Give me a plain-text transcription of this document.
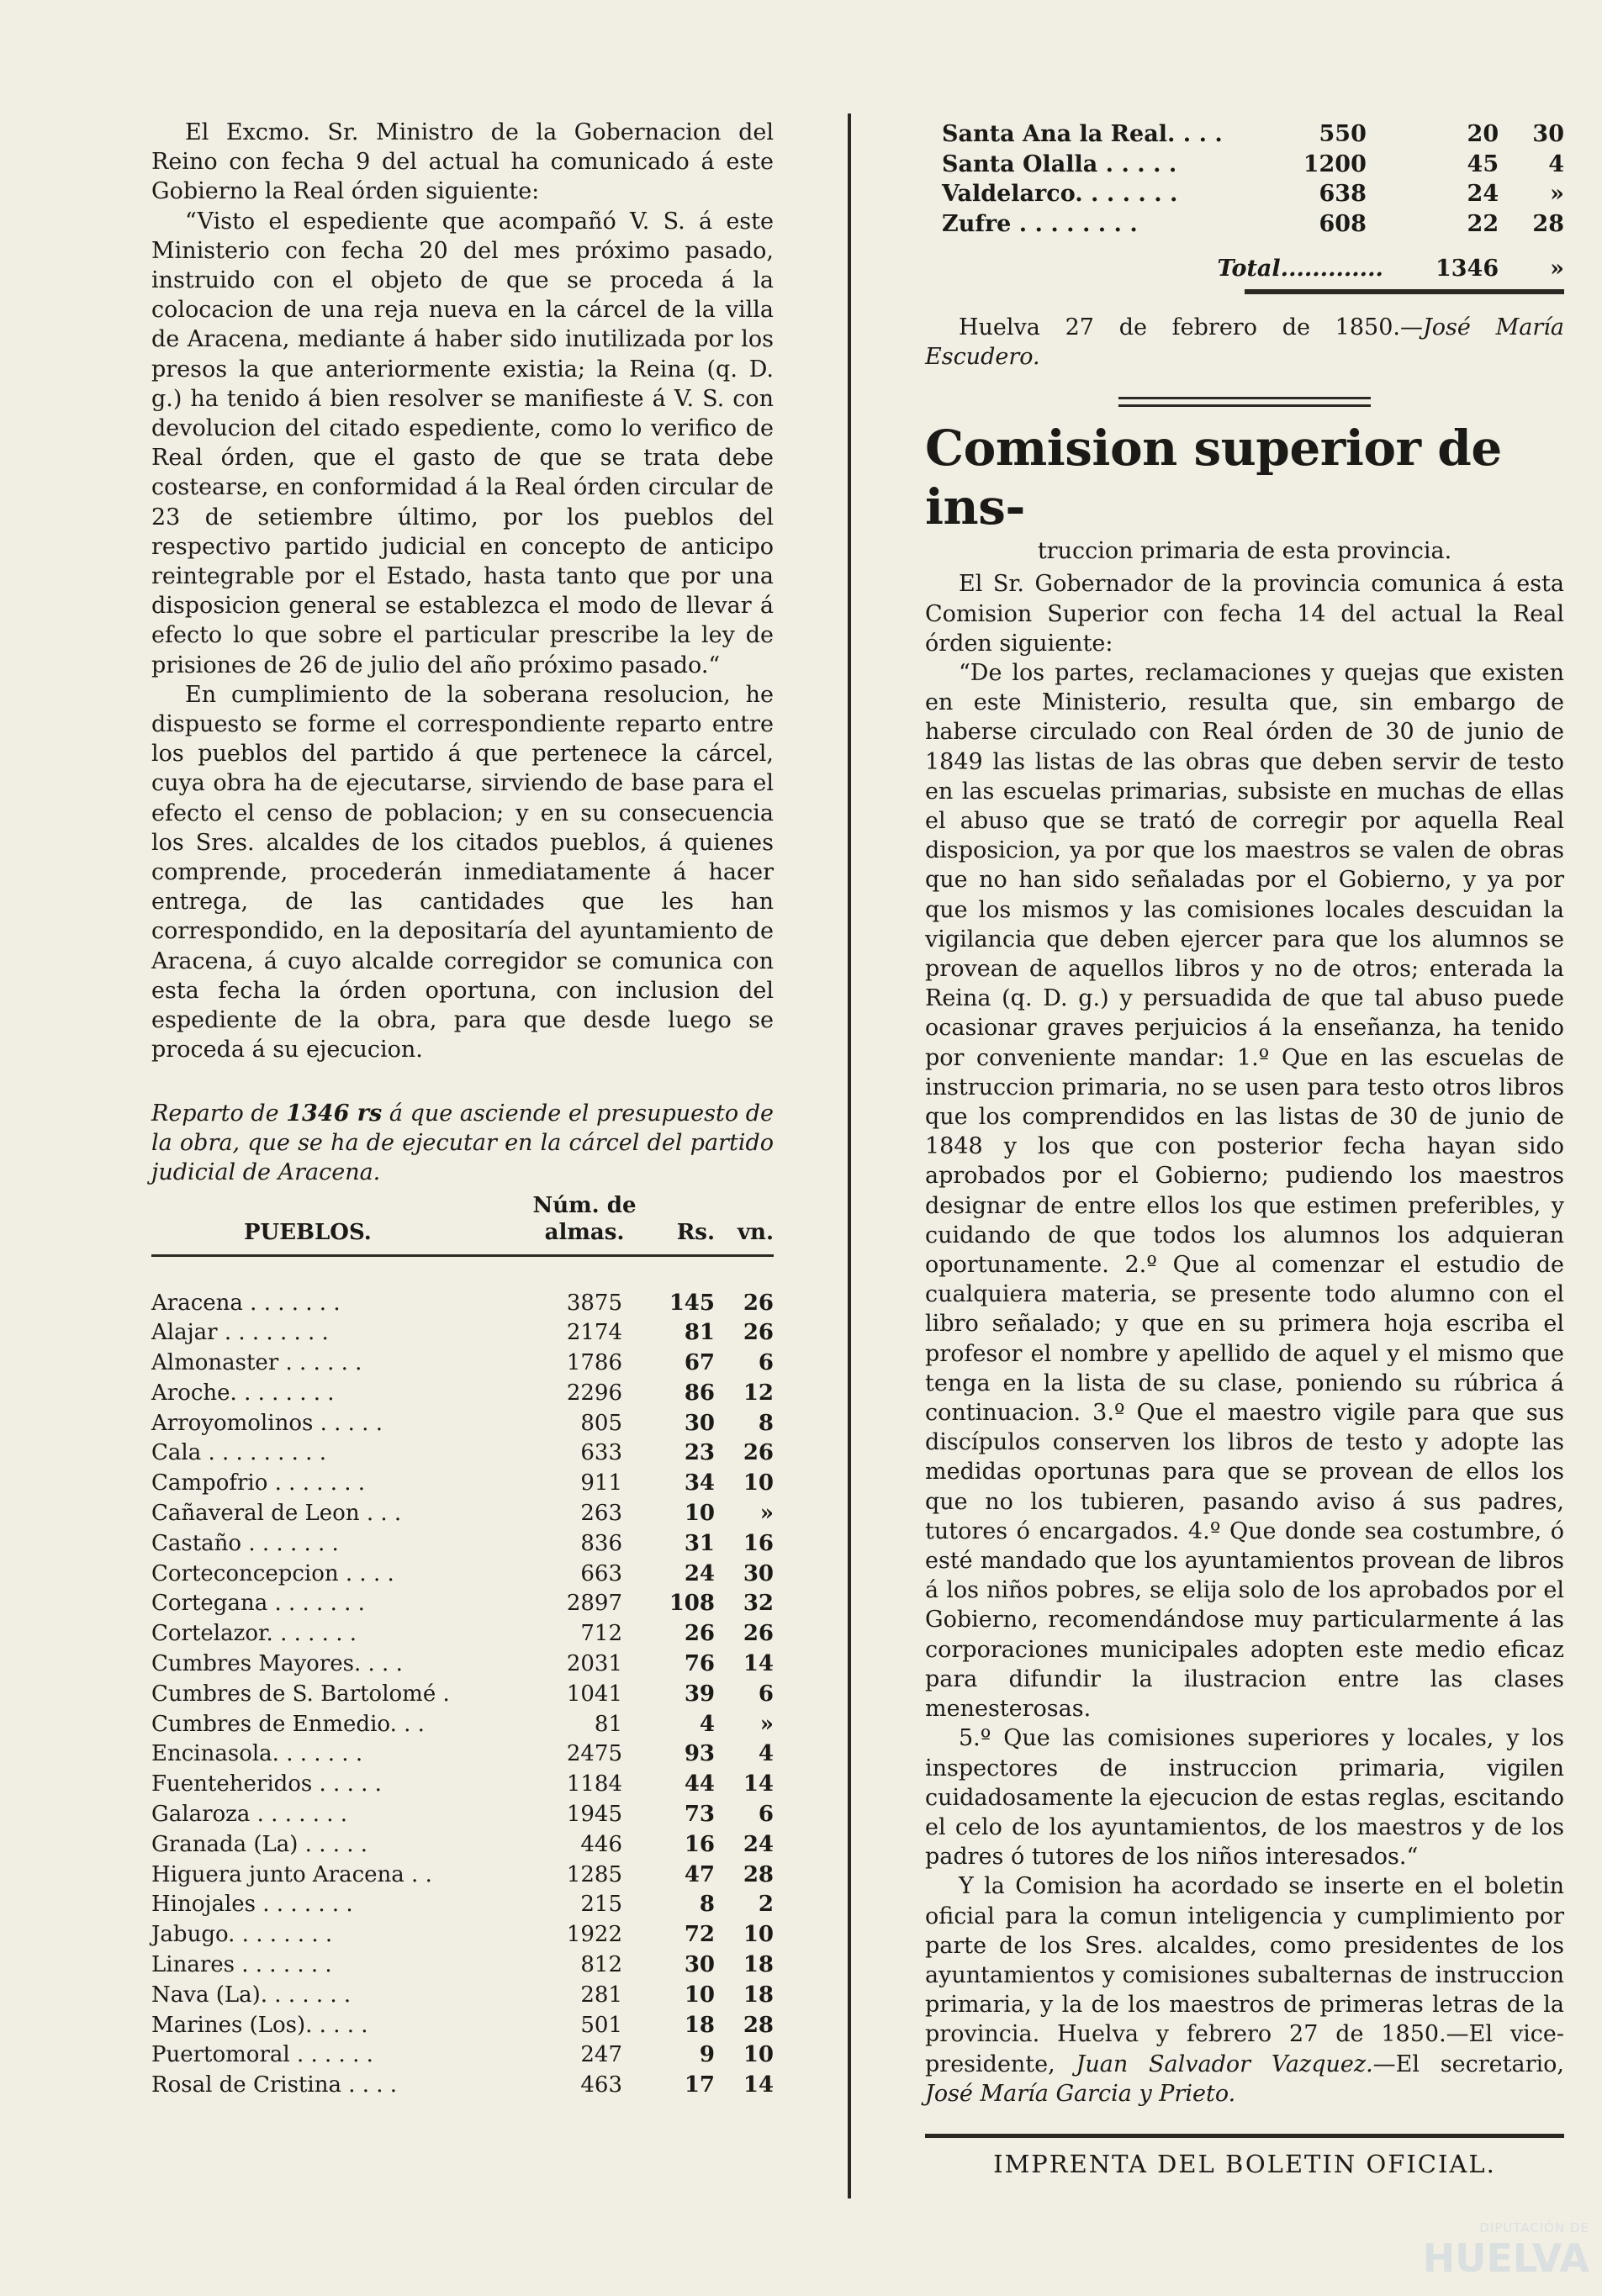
El Excmo. Sr. Ministro de la Gobernacion del Reino con fecha 9 del actual ha comunicado á este Gobierno la Real órden siguiente:

“Visto el espediente que acompañó V. S. á este Ministerio con fecha 20 del mes próximo pasado, instruido con el objeto de que se proceda á la colocacion de una reja nueva en la cárcel de la villa de Aracena, mediante á haber sido inutilizada por los presos la que anteriormente existia; la Reina (q. D. g.) ha tenido á bien resolver se manifieste á V. S. con devolucion del citado espediente, como lo verifico de Real órden, que el gasto de que se trata debe costearse, en conformidad á la Real órden circular de 23 de setiembre último, por los pueblos del respectivo partido judicial en concepto de anticipo reintegrable por el Estado, hasta tanto que por una disposicion general se establezca el modo de llevar á efecto lo que sobre el particular prescribe la ley de prisiones de 26 de julio del año próximo pasado.“

En cumplimiento de la soberana resolucion, he dispuesto se forme el correspondiente reparto entre los pueblos del partido á que pertenece la cárcel, cuya obra ha de ejecutarse, sirviendo de base para el efecto el censo de poblacion; y en su consecuencia los Sres. alcaldes de los citados pueblos, á quienes comprende, procederán inmediatamente á hacer entrega, de las cantidades que les han correspondido, en la depositaría del ayuntamiento de Aracena, á cuyo alcalde corregidor se comunica con esta fecha la órden oportuna, con inclusion del espediente de la obra, para que desde luego se proceda á su ejecucion.

Reparto de 1346 rs á que asciende el presupuesto de la obra, que se ha de ejecutar en la cárcel del partido judicial de Aracena.

PUEBLOS.	Núm. de almas.	Rs.	vn.

Aracena . . . . . . .	3875	145	26
Alajar . . . . . . . .	2174	81	26
Almonaster . . . . . .	1786	67	6
Aroche. . . . . . . .	2296	86	12
Arroyomolinos . . . . .	805	30	8
Cala . . . . . . . . .	633	23	26
Campofrio . . . . . . .	911	34	10
Cañaveral de Leon . . .	263	10	»
Castaño . . . . . . .	836	31	16
Corteconcepcion . . . .	663	24	30
Cortegana . . . . . . .	2897	108	32
Cortelazor. . . . . . .	712	26	26
Cumbres Mayores. . . .	2031	76	14
Cumbres de S. Bartolomé .	1041	39	6
Cumbres de Enmedio. . .	81	4	»
Encinasola. . . . . . .	2475	93	4
Fuenteheridos . . . . .	1184	44	14
Galaroza . . . . . . .	1945	73	6
Granada (La) . . . . .	446	16	24
Higuera junto Aracena . .	1285	47	28
Hinojales . . . . . . .	215	8	2
Jabugo. . . . . . . .	1922	72	10
Linares . . . . . . .	812	30	18
Nava (La). . . . . . .	281	10	18
Marines (Los). . . . .	501	18	28
Puertomoral . . . . . .	247	9	10
Rosal de Cristina . . . .	463	17	14
Santa Ana la Real. . . .	550	20	30
Santa Olalla . . . . .	1200	45	4
Valdelarco. . . . . . .	638	24	»
Zufre . . . . . . . .	608	22	28
Total.............		1346	»

Huelva 27 de febrero de 1850.—José María Escudero.

Comision superior de ins-

truccion primaria de esta provincia.

El Sr. Gobernador de la provincia comunica á esta Comision Superior con fecha 14 del actual la Real órden siguiente:

“De los partes, reclamaciones y quejas que existen en este Ministerio, resulta que, sin embargo de haberse circulado con Real órden de 30 de junio de 1849 las listas de las obras que deben servir de testo en las escuelas primarias, subsiste en muchas de ellas el abuso que se trató de corregir por aquella Real disposicion, ya por que los maestros se valen de obras que no han sido señaladas por el Gobierno, y ya por que los mismos y las comisiones locales descuidan la vigilancia que deben ejercer para que los alumnos se provean de aquellos libros y no de otros; enterada la Reina (q. D. g.) y persuadida de que tal abuso puede ocasionar graves perjuicios á la enseñanza, ha tenido por conveniente mandar: 1.º Que en las escuelas de instruccion primaria, no se usen para testo otros libros que los comprendidos en las listas de 30 de junio de 1848 y los que con posterior fecha hayan sido aprobados por el Gobierno; pudiendo los maestros designar de entre ellos los que estimen preferibles, y cuidando de que todos los alumnos los adquieran oportunamente. 2.º Que al comenzar el estudio de cualquiera materia, se presente todo alumno con el libro señalado; y que en su primera hoja escriba el profesor el nombre y apellido de aquel y el mismo que tenga en la lista de su clase, poniendo su rúbrica á continuacion. 3.º Que el maestro vigile para que sus discípulos conserven los libros de testo y adopte las medidas oportunas para que se provean de ellos los que no los tubieren, pasando aviso á sus padres, tutores ó encargados. 4.º Que donde sea costumbre, ó esté mandado que los ayuntamientos provean de libros á los niños pobres, se elija solo de los aprobados por el Gobierno, recomendándose muy particularmente á las corporaciones municipales adopten este medio eficaz para difundir la ilustracion entre las clases menesterosas.

5.º Que las comisiones superiores y locales, y los inspectores de instruccion primaria, vigilen cuidadosamente la ejecucion de estas reglas, escitando el celo de los ayuntamientos, de los maestros y de los padres ó tutores de los niños interesados.“

Y la Comision ha acordado se inserte en el boletin oficial para la comun inteligencia y cumplimiento por parte de los Sres. alcaldes, como presidentes de los ayuntamientos y comisiones subalternas de instruccion primaria, y la de los maestros de primeras letras de la provincia. Huelva y febrero 27 de 1850.—El vice-presidente, Juan Salvador Vazquez.—El secretario, José María Garcia y Prieto.

IMPRENTA DEL BOLETIN OFICIAL.
DIPUTACIÓN DE
HUELVA
